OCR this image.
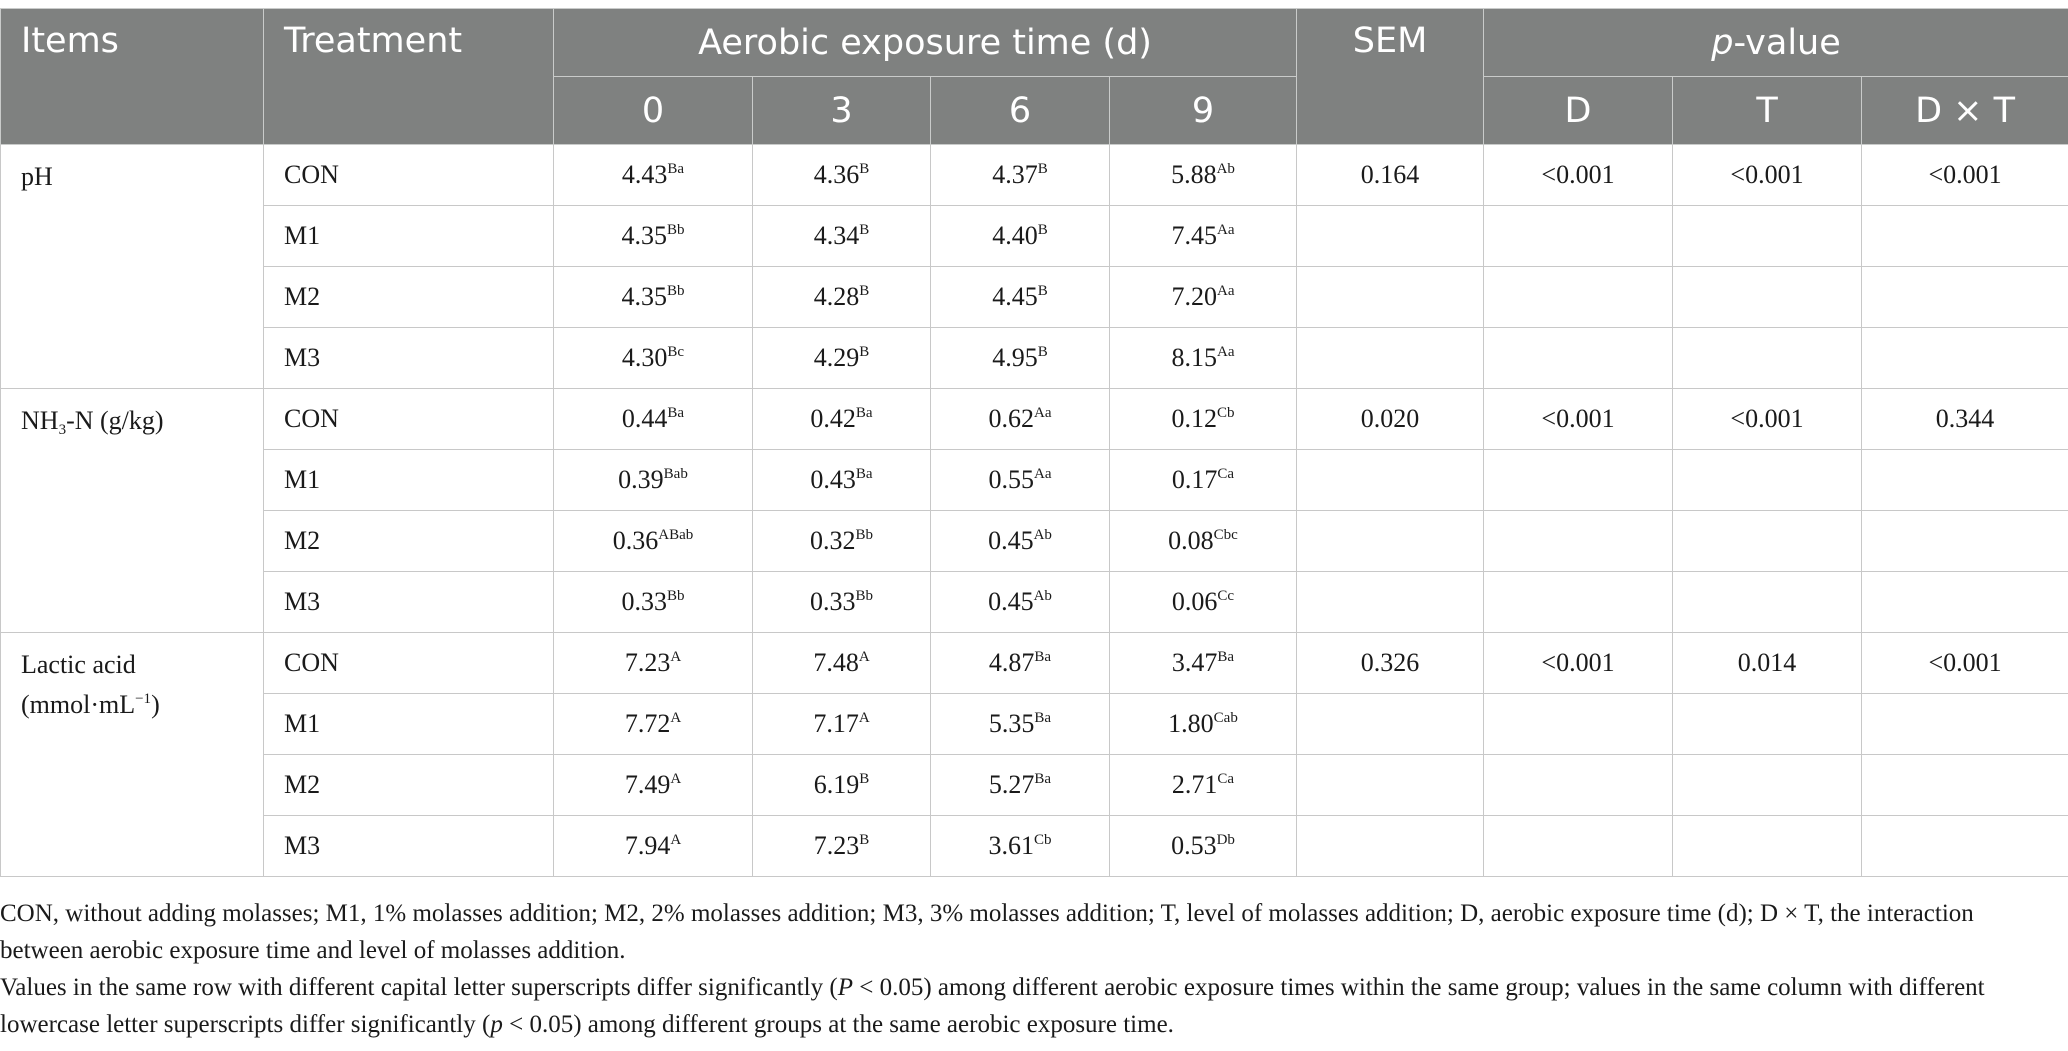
Items	Treatment	Aerobic exposure time (d)				SEM	p-value		
		0	3	6	9		D	T	D × T

pH	CON	$4.43^{Ba}$	$4.36^B$	$4.37^B$	$5.88^{Ab}$	0.164	<0.001	<0.001	<0.001
	M1	$4.35^{Bb}$	$4.34^B$	$4.40^B$	$7.45^{Aa}$				
	M2	$4.35^{Bb}$	$4.28^B$	$4.45^B$	$7.20^{Aa}$				
	M3	$4.30^{Bc}$	$4.29^B$	$4.95^B$	$8.15^{Aa}$				

$NH_3-N$ (g/kg)	CON	$0.44^{Ba}$	$0.42^{Ba}$	$0.62^{Aa}$	$0.12^{Cb}$	0.020	<0.001	<0.001	0.344
	M1	$0.39^{Bab}$	$0.43^{Ba}$	$0.55^{Aa}$	$0.17^{Ca}$				
	M2	$0.36^{ABab}$	$0.32^{Bb}$	$0.45^{Ab}$	$0.08^{Cbc}$				
	M3	$0.33^{Bb}$	$0.33^{Bb}$	$0.45^{Ab}$	$0.06^{Cc}$				

Lactic acid
$(mmol\cdot mL^{-1})$	CON	$7.23^A$	$7.48^A$	$4.87^{Ba}$	$3.47^{Ba}$	0.326	<0.001	0.014	<0.001
	M1	$7.72^A$	$7.17^A$	$5.35^{Ba}$	$1.80^{Cab}$				
	M2	$7.49^A$	$6.19^B$	$5.27^{Ba}$	$2.71^{Ca}$				
	M3	$7.94^A$	$7.23^B$	$3.61^{Cb}$	$0.53^{Db}$				

CON, without adding molasses; M1, 1% molasses addition; M2, 2% molasses addition; M3, 3% molasses addition; T, level of molasses addition; D, aerobic exposure time (d); D × T, the interaction between aerobic exposure time and level of molasses addition.

Values in the same row with different capital letter superscripts differ significantly (P < 0.05) among different aerobic exposure times within the same group; values in the same column with different lowercase letter superscripts differ significantly (p < 0.05) among different groups at the same aerobic exposure time.
